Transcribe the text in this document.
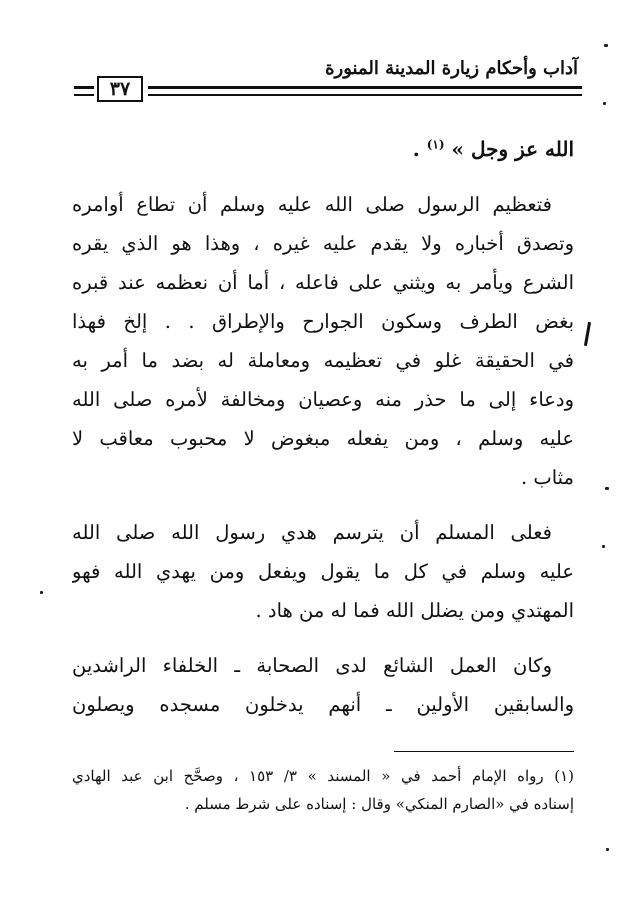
آداب وأحكام زيارة المدينة المنورة
٣٧
الله عز وجل » $^{(١)}$ .
فتعظيم الرسول صلى الله عليه وسلم أن تطاع أوامره
وتصدق أخباره ولا يقدم عليه غيره ، وهذا هو الذي يقره
الشرع ويأمر به ويثني على فاعله ، أما أن نعظمه عند قبره
بغض الطرف وسكون الجوارح والإطراق . . إلخ فهذا
في الحقيقة غلو في تعظيمه ومعاملة له بضد ما أمر به
ودعاء إلى ما حذر منه وعصيان ومخالفة لأمره صلى الله
عليه وسلم ، ومن يفعله مبغوض لا محبوب معاقب لا
مثاب .
فعلى المسلم أن يترسم هدي رسول الله صلى الله
عليه وسلم في كل ما يقول ويفعل ومن يهدي الله فهو
المهتدي ومن يضلل الله فما له من هاد .
وكان العمل الشائع لدى الصحابة ـ الخلفاء الراشدين
والسابقين الأولين ـ أنهم يدخلون مسجده ويصلون
(١) رواه الإمام أحمد في « المسند » ٣/ ١٥٣ ، وصحَّح ابن عبد الهادي
إسناده في «الصارم المنكي» وقال : إسناده على شرط مسلم .
